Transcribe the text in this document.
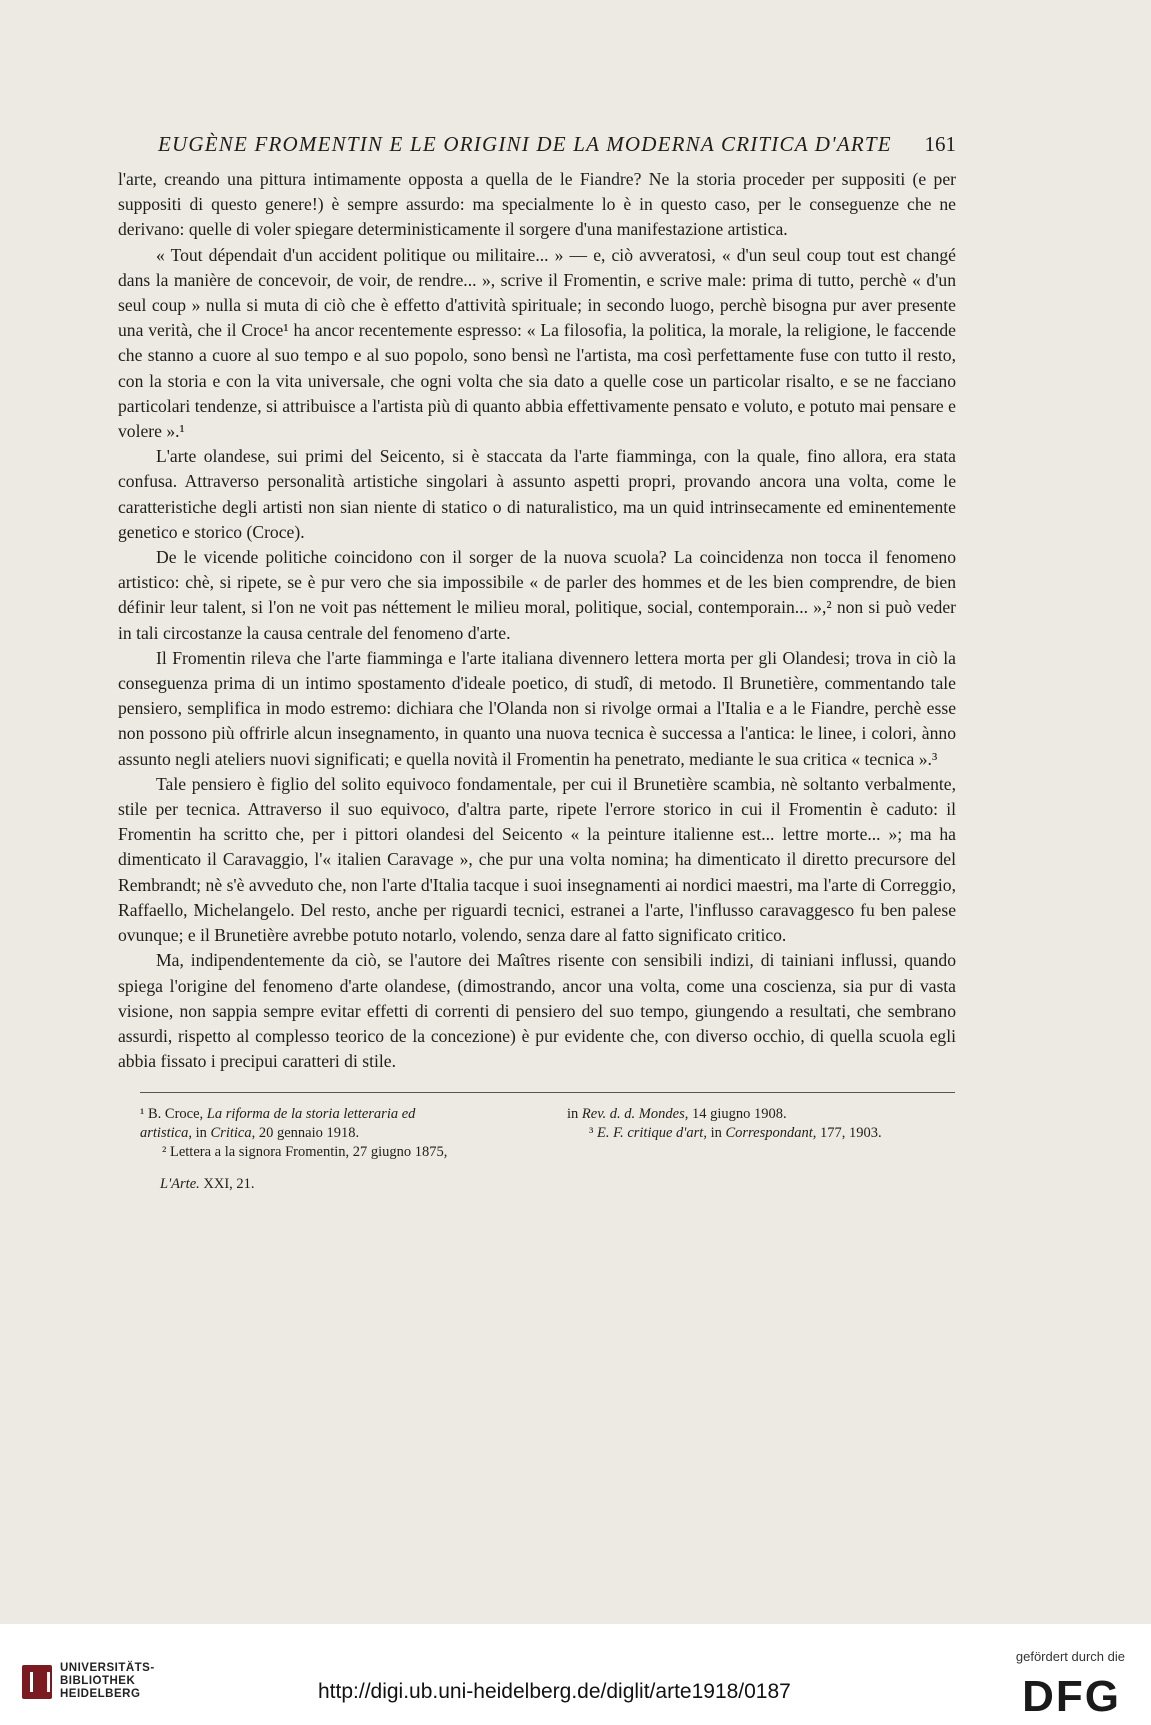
EUGÈNE FROMENTIN E LE ORIGINI DE LA MODERNA CRITICA D'ARTE 161

l'arte, creando una pittura intimamente opposta a quella de le Fiandre? Ne la storia proceder per suppositi (e per suppositi di questo genere!) è sempre assurdo: ma specialmente lo è in questo caso, per le conseguenze che ne derivano: quelle di voler spiegare deterministicamente il sorgere d'una manifestazione artistica.

« Tout dépendait d'un accident politique ou militaire... » — e, ciò avveratosi, « d'un seul coup tout est changé dans la manière de concevoir, de voir, de rendre... », scrive il Fromentin, e scrive male: prima di tutto, perchè « d'un seul coup » nulla si muta di ciò che è effetto d'attività spirituale; in secondo luogo, perchè bisogna pur aver presente una verità, che il Croce¹ ha ancor recentemente espresso: « La filosofia, la politica, la morale, la religione, le faccende che stanno a cuore al suo tempo e al suo popolo, sono bensì ne l'artista, ma così perfettamente fuse con tutto il resto, con la storia e con la vita universale, che ogni volta che sia dato a quelle cose un particolar risalto, e se ne facciano particolari tendenze, si attribuisce a l'artista più di quanto abbia effettivamente pensato e voluto, e potuto mai pensare e volere ».¹

L'arte olandese, sui primi del Seicento, si è staccata da l'arte fiamminga, con la quale, fino allora, era stata confusa. Attraverso personalità artistiche singolari à assunto aspetti propri, provando ancora una volta, come le caratteristiche degli artisti non sian niente di statico o di naturalistico, ma un quid intrinsecamente ed eminentemente genetico e storico (Croce).

De le vicende politiche coincidono con il sorger de la nuova scuola? La coincidenza non tocca il fenomeno artistico: chè, si ripete, se è pur vero che sia impossibile « de parler des hommes et de les bien comprendre, de bien définir leur talent, si l'on ne voit pas néttement le milieu moral, politique, social, contemporain... »,² non si può veder in tali circostanze la causa centrale del fenomeno d'arte.

Il Fromentin rileva che l'arte fiamminga e l'arte italiana divennero lettera morta per gli Olandesi; trova in ciò la conseguenza prima di un intimo spostamento d'ideale poetico, di studî, di metodo. Il Brunetière, commentando tale pensiero, semplifica in modo estremo: dichiara che l'Olanda non si rivolge ormai a l'Italia e a le Fiandre, perchè esse non possono più offrirle alcun insegnamento, in quanto una nuova tecnica è successa a l'antica: le linee, i colori, ànno assunto negli ateliers nuovi significati; e quella novità il Fromentin ha penetrato, mediante le sua critica « tecnica ».³

Tale pensiero è figlio del solito equivoco fondamentale, per cui il Brunetière scambia, nè soltanto verbalmente, stile per tecnica. Attraverso il suo equivoco, d'altra parte, ripete l'errore storico in cui il Fromentin è caduto: il Fromentin ha scritto che, per i pittori olandesi del Seicento « la peinture italienne est... lettre morte... »; ma ha dimenticato il Caravaggio, l'« italien Caravage », che pur una volta nomina; ha dimenticato il diretto precursore del Rembrandt; nè s'è avveduto che, non l'arte d'Italia tacque i suoi insegnamenti ai nordici maestri, ma l'arte di Correggio, Raffaello, Michelangelo. Del resto, anche per riguardi tecnici, estranei a l'arte, l'influsso caravaggesco fu ben palese ovunque; e il Brunetière avrebbe potuto notarlo, volendo, senza dare al fatto significato critico.

Ma, indipendentemente da ciò, se l'autore dei Maîtres risente con sensibili indizi, di tainiani influssi, quando spiega l'origine del fenomeno d'arte olandese, (dimostrando, ancor una volta, come una coscienza, sia pur di vasta visione, non sappia sempre evitar effetti di correnti di pensiero del suo tempo, giungendo a resultati, che sembrano assurdi, rispetto al complesso teorico de la concezione) è pur evidente che, con diverso occhio, di quella scuola egli abbia fissato i precipui caratteri di stile.

¹ B. Croce, La riforma de la storia letteraria ed
artistica, in Critica, 20 gennaio 1918.
² Lettera a la signora Fromentin, 27 giugno 1875,
in Rev. d. d. Mondes, 14 giugno 1908.
³ E. F. critique d'art, in Correspondant, 177, 1903.
L'Arte. XXI, 21.
UNIVERSITÄTS-
BIBLIOTHEK
HEIDELBERG	http://digi.ub.uni-heidelberg.de/diglit/arte1918/0187
gefördert durch die
DFG
